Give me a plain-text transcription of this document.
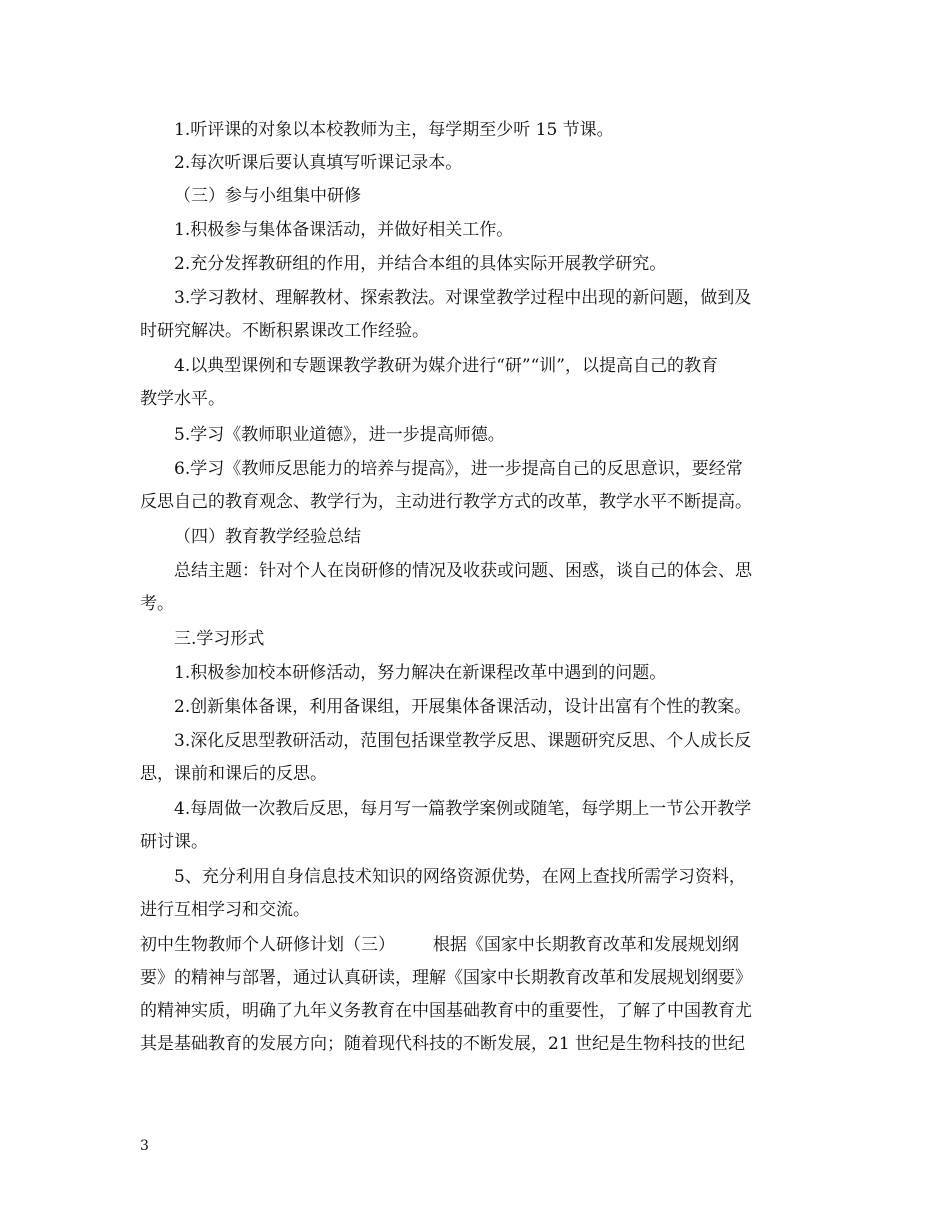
1.听评课的对象以本校教师为主，每学期至少听 15 节课。
2.每次听课后要认真填写听课记录本。
（三）参与小组集中研修
1.积极参与集体备课活动，并做好相关工作。
2.充分发挥教研组的作用，并结合本组的具体实际开展教学研究。
3.学习教材、理解教材、探索教法。对课堂教学过程中出现的新问题，做到及
时研究解决。不断积累课改工作经验。
4.以典型课例和专题课教学教研为媒介进行“研”“训”，以提高自己的教育
教学水平。
5.学习《教师职业道德》，进一步提高师德。
6.学习《教师反思能力的培养与提高》，进一步提高自己的反思意识，要经常
反思自己的教育观念、教学行为，主动进行教学方式的改革，教学水平不断提高。
（四）教育教学经验总结
总结主题：针对个人在岗研修的情况及收获或问题、困惑，谈自己的体会、思
考。
三.学习形式
1.积极参加校本研修活动，努力解决在新课程改革中遇到的问题。
2.创新集体备课，利用备课组，开展集体备课活动，设计出富有个性的教案。
3.深化反思型教研活动，范围包括课堂教学反思、课题研究反思、个人成长反
思，课前和课后的反思。
4.每周做一次教后反思，每月写一篇教学案例或随笔，每学期上一节公开教学
研讨课。
5、充分利用自身信息技术知识的网络资源优势，在网上查找所需学习资料，
进行互相学习和交流。
初中生物教师个人研修计划（三）       根据《国家中长期教育改革和发展规划纲
要》的精神与部署，通过认真研读，理解《国家中长期教育改革和发展规划纲要》
的精神实质，明确了九年义务教育在中国基础教育中的重要性，了解了中国教育尤
其是基础教育的发展方向；随着现代科技的不断发展，21 世纪是生物科技的世纪
3
